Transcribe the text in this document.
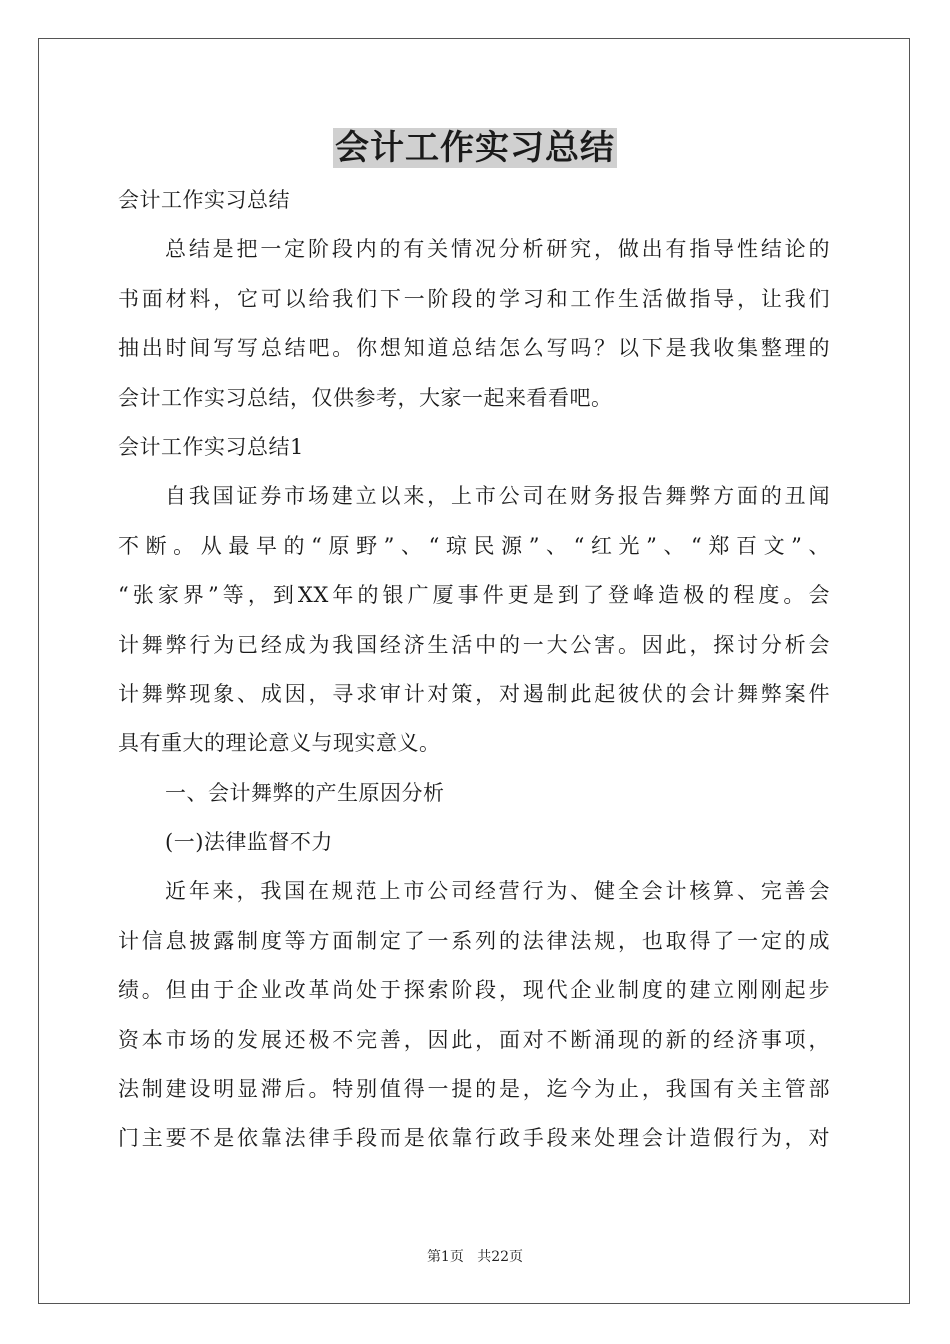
会计工作实习总结
会计工作实习总结
总结是把一定阶段内的有关情况分析研究，做出有指导性结论的
书面材料，它可以给我们下一阶段的学习和工作生活做指导，让我们
抽出时间写写总结吧。你想知道总结怎么写吗？以下是我收集整理的
会计工作实习总结，仅供参考，大家一起来看看吧。
会计工作实习总结1
自我国证券市场建立以来，上市公司在财务报告舞弊方面的丑闻
不断。从最早的“原野”、“琼民源”、“红光”、“郑百文”、
“张家界”等，到XX年的银广厦事件更是到了登峰造极的程度。会
计舞弊行为已经成为我国经济生活中的一大公害。因此，探讨分析会
计舞弊现象、成因，寻求审计对策，对遏制此起彼伏的会计舞弊案件
具有重大的理论意义与现实意义。
一、会计舞弊的产生原因分析
(一)法律监督不力
近年来，我国在规范上市公司经营行为、健全会计核算、完善会
计信息披露制度等方面制定了一系列的法律法规，也取得了一定的成
绩。但由于企业改革尚处于探索阶段，现代企业制度的建立刚刚起步
资本市场的发展还极不完善，因此，面对不断涌现的新的经济事项，
法制建设明显滞后。特别值得一提的是，迄今为止，我国有关主管部
门主要不是依靠法律手段而是依靠行政手段来处理会计造假行为，对
第1页 共22页
